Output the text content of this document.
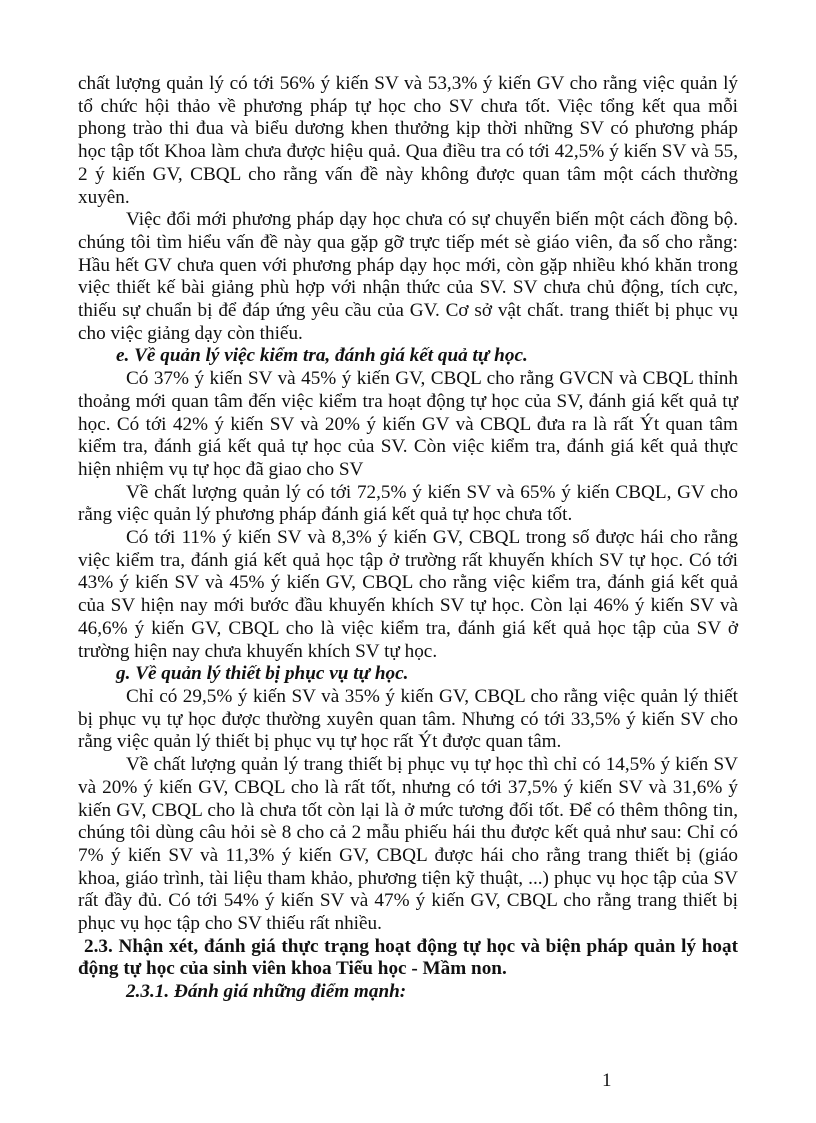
chất lượng quản lý có tới 56% ý kiến SV và 53,3% ý kiến GV cho rằng việc quản lý tổ chức hội thảo về phương pháp tự học cho SV chưa tốt. Việc tổng kết qua mỗi phong trào thi đua và biểu dương khen thưởng kịp thời những SV có phương pháp học tập tốt Khoa làm chưa được hiệu quả. Qua điều tra có tới 42,5% ý kiến SV và 55, 2 ý kiến GV, CBQL cho rằng vấn đề này không được quan tâm một cách thường xuyên.

Việc đổi mới phương pháp dạy học chưa có sự chuyển biến một cách đồng bộ. chúng tôi tìm hiểu vấn đề này qua gặp gỡ trực tiếp mét sè giáo viên, đa số cho rằng: Hầu hết GV chưa quen với phương pháp dạy học mới, còn gặp nhiều khó khăn trong việc thiết kế bài giảng phù hợp với nhận thức của SV. SV chưa chủ động, tích cực, thiếu sự chuẩn bị để đáp ứng yêu cầu của GV. Cơ sở vật chất. trang thiết bị phục vụ cho việc giảng dạy còn thiếu.

e. Về quản lý việc kiểm tra, đánh giá kết quả tự học.

Có 37% ý kiến SV và 45% ý kiến GV, CBQL cho rằng GVCN và CBQL thỉnh thoảng mới quan tâm đến việc kiểm tra hoạt động tự học của SV, đánh giá kết quả tự học. Có tới 42% ý kiến SV và 20% ý kiến GV và CBQL đưa ra là rất Ýt quan tâm kiểm tra, đánh giá kết quả tự học của SV. Còn việc kiểm tra, đánh giá kết quả thực hiện nhiệm vụ tự học đã giao cho SV

Về chất lượng quản lý có tới 72,5% ý kiến SV và 65% ý kiến CBQL, GV cho rằng việc quản lý phương pháp đánh giá kết quả tự học chưa tốt.

Có tới 11% ý kiến SV và 8,3% ý kiến GV, CBQL trong số được hái cho rằng việc kiểm tra, đánh giá kết quả học tập ở trường rất khuyến khích SV tự học. Có tới 43% ý kiến SV và 45% ý kiến GV, CBQL cho rằng việc kiểm tra, đánh giá kết quả của SV hiện nay mới bước đầu khuyến khích SV tự học. Còn lại 46% ý kiến SV và 46,6% ý kiến GV, CBQL cho là việc kiểm tra, đánh giá kết quả học tập của SV ở trường hiện nay chưa khuyến khích SV tự học.

g. Về quản lý thiết bị phục vụ tự học.

Chỉ có 29,5% ý kiến SV và 35% ý kiến GV, CBQL cho rằng việc quản lý thiết bị phục vụ tự học được thường xuyên quan tâm. Nhưng có tới 33,5% ý kiến SV cho rằng việc quản lý thiết bị phục vụ tự học rất Ýt được quan tâm.

Về chất lượng quản lý trang thiết bị phục vụ tự học thì chỉ có 14,5% ý kiến SV và 20% ý kiến GV, CBQL cho là rất tốt, nhưng có tới 37,5% ý kiến SV và 31,6% ý kiến GV, CBQL cho là chưa tốt còn lại là ở mức tương đối tốt. Để có thêm thông tin, chúng tôi dùng câu hỏi sè 8 cho cả 2 mẫu phiếu hái thu được kết quả như sau: Chỉ có 7% ý kiến SV và 11,3% ý kiến GV, CBQL được hái cho rằng trang thiết bị (giáo khoa, giáo trình, tài liệu tham khảo, phương tiện kỹ thuật, ...) phục vụ học tập của SV rất đầy đủ. Có tới 54% ý kiến SV và 47% ý kiến GV, CBQL cho rằng trang thiết bị phục vụ học tập cho SV thiếu rất nhiều.

2.3. Nhận xét, đánh giá thực trạng hoạt động tự học và biện pháp quản lý hoạt động tự học của sinh viên khoa Tiểu học - Mầm non.

2.3.1. Đánh giá những điểm mạnh:

1
